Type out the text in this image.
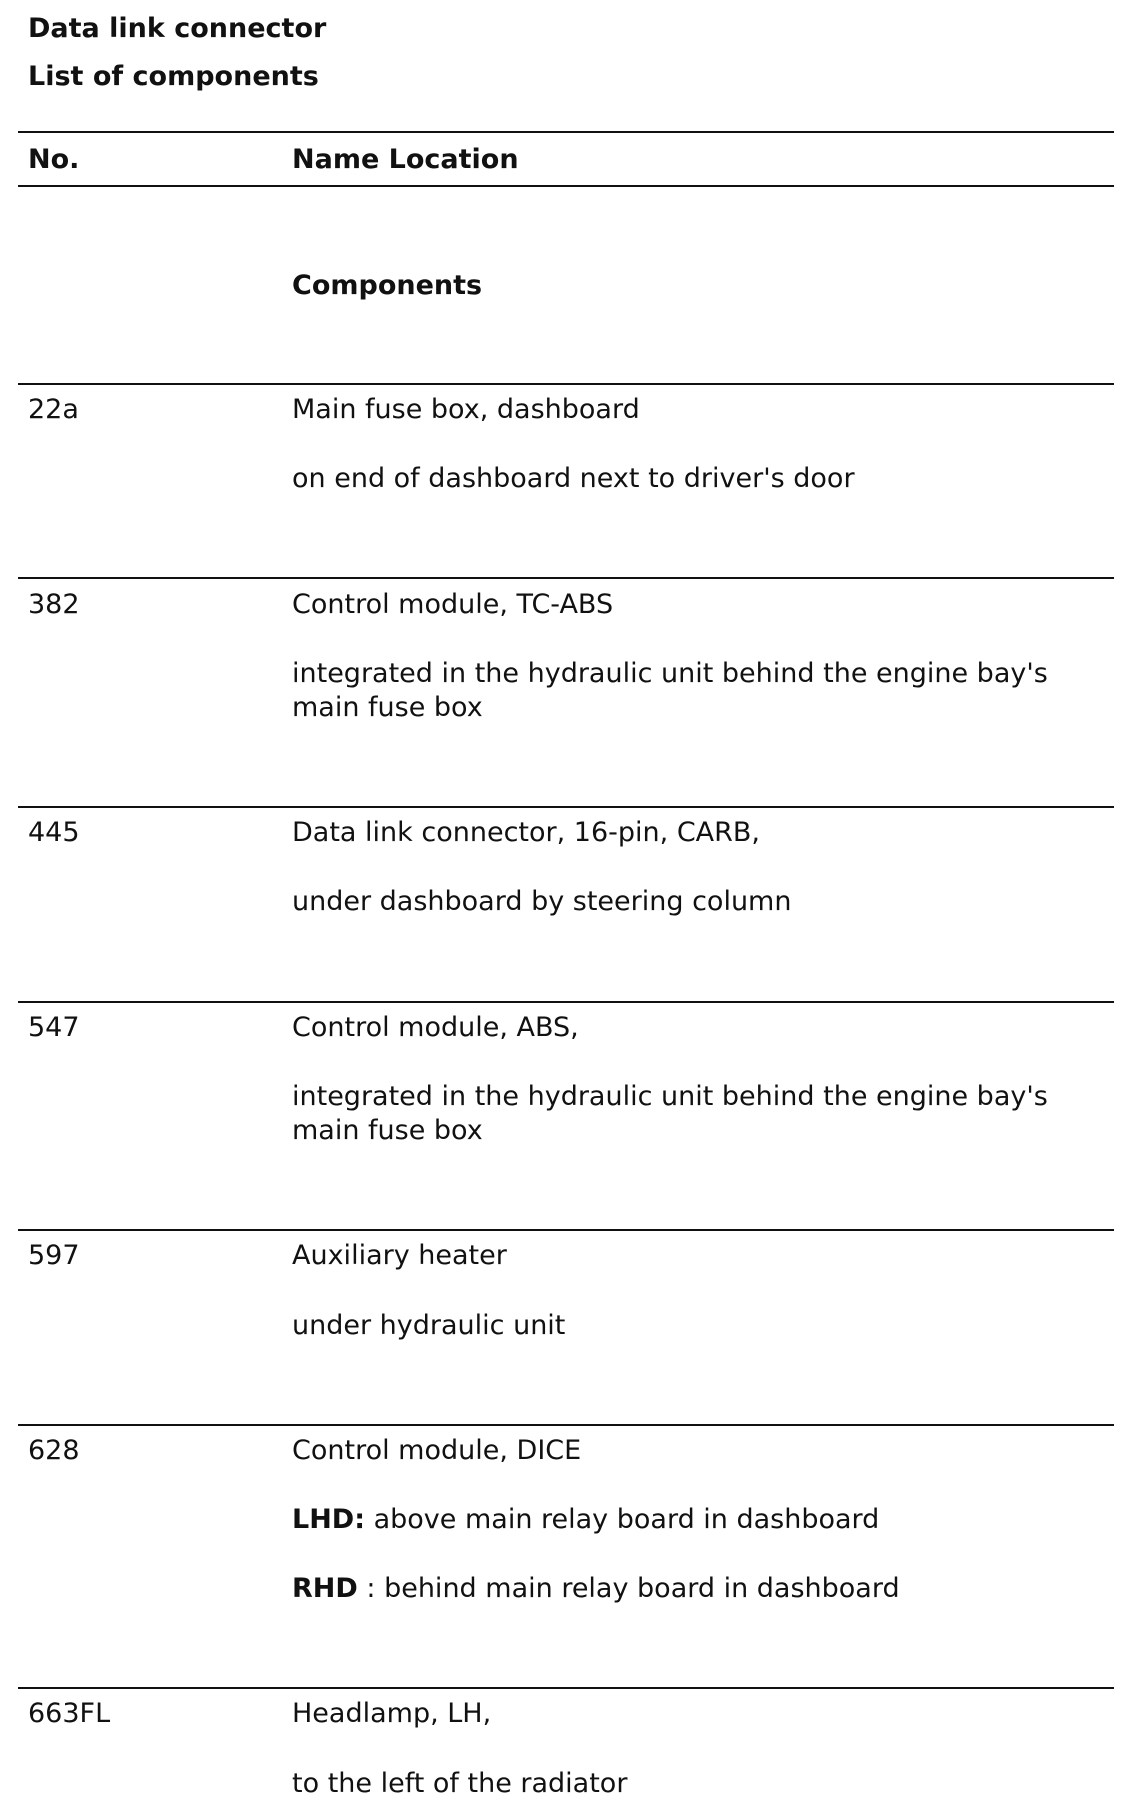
Data link connector
List of components
No.	Name Location
Components
22a	Main fuse box, dashboard
on end of dashboard next to driver's door
382	Control module, TC-ABS
integrated in the hydraulic unit behind the engine bay's main fuse box
445	Data link connector, 16-pin, CARB,
under dashboard by steering column
547	Control module, ABS,
integrated in the hydraulic unit behind the engine bay's main fuse box
597	Auxiliary heater
under hydraulic unit
628	Control module, DICE
LHD: above main relay board in dashboard
RHD : behind main relay board in dashboard
663FL	Headlamp, LH,
to the left of the radiator
